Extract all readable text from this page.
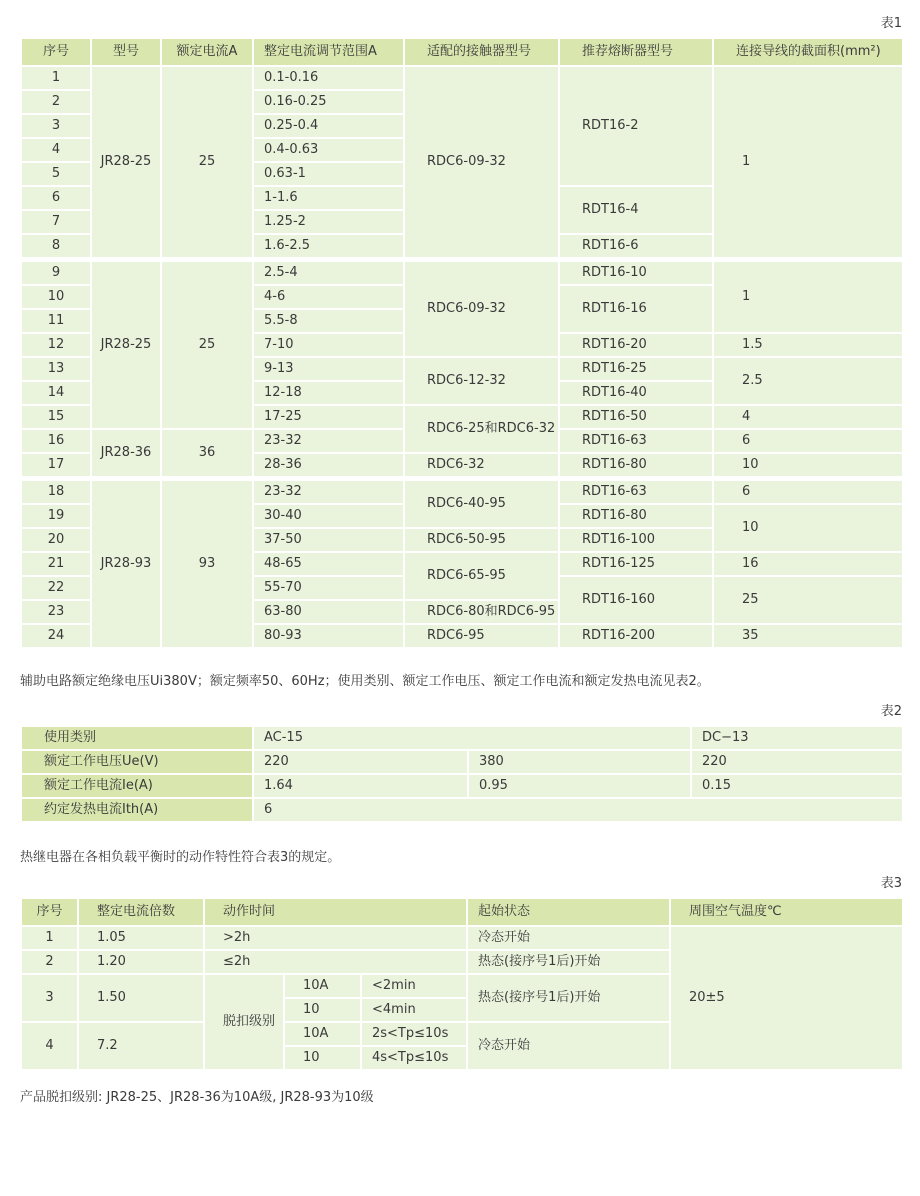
表1

序号	型号	额定电流A	整定电流调节范围A	适配的接触器型号	推荐熔断器型号	连接导线的截面积(mm²)
1	JR28-25	25	0.1-0.16	RDC6-09-32	RDT16-2	1
2			0.16-0.25			
3			0.25-0.4			
4			0.4-0.63			
5			0.63-1			
6			1-1.6		RDT16-4	
7			1.25-2			
8			1.6-2.5		RDT16-6	
9	JR28-25	25	2.5-4	RDC6-09-32	RDT16-10	1
10			4-6		RDT16-16	
11			5.5-8			
12			7-10		RDT16-20	1.5
13			9-13	RDC6-12-32	RDT16-25	2.5
14			12-18		RDT16-40	
15			17-25	RDC6-25和RDC6-32	RDT16-50	4
16	JR28-36	36	23-32		RDT16-63	6
17			28-36	RDC6-32	RDT16-80	10
18	JR28-93	93	23-32	RDC6-40-95	RDT16-63	6
19			30-40		RDT16-80	10
20			37-50	RDC6-50-95	RDT16-100	
21			48-65	RDC6-65-95	RDT16-125	16
22			55-70		RDT16-160	25
23			63-80	RDC6-80和RDC6-95		
24			80-93	RDC6-95	RDT16-200	35

辅助电路额定绝缘电压Ui380V；额定频率50、60Hz；使用类别、额定工作电压、额定工作电流和额定发热电流见表2。

表2

使用类别	AC-15		DC−13
额定工作电压Ue(V)	220	380	220
额定工作电流Ie(A)	1.64	0.95	0.15
约定发热电流Ith(A)	6		

热继电器在各相负载平衡时的动作特性符合表3的规定。

表3

序号	整定电流倍数	动作时间			起始状态	周围空气温度℃
1	1.05	>2h			冷态开始	20±5
2	1.20	≤2h			热态(接序号1后)开始	
3	1.50	脱扣级别	10A	<2min	热态(接序号1后)开始	
			10	<4min		
4	7.2		10A	2s<Tp≤10s	冷态开始	
			10	4s<Tp≤10s		

产品脱扣级别: JR28-25、JR28-36为10A级, JR28-93为10级
